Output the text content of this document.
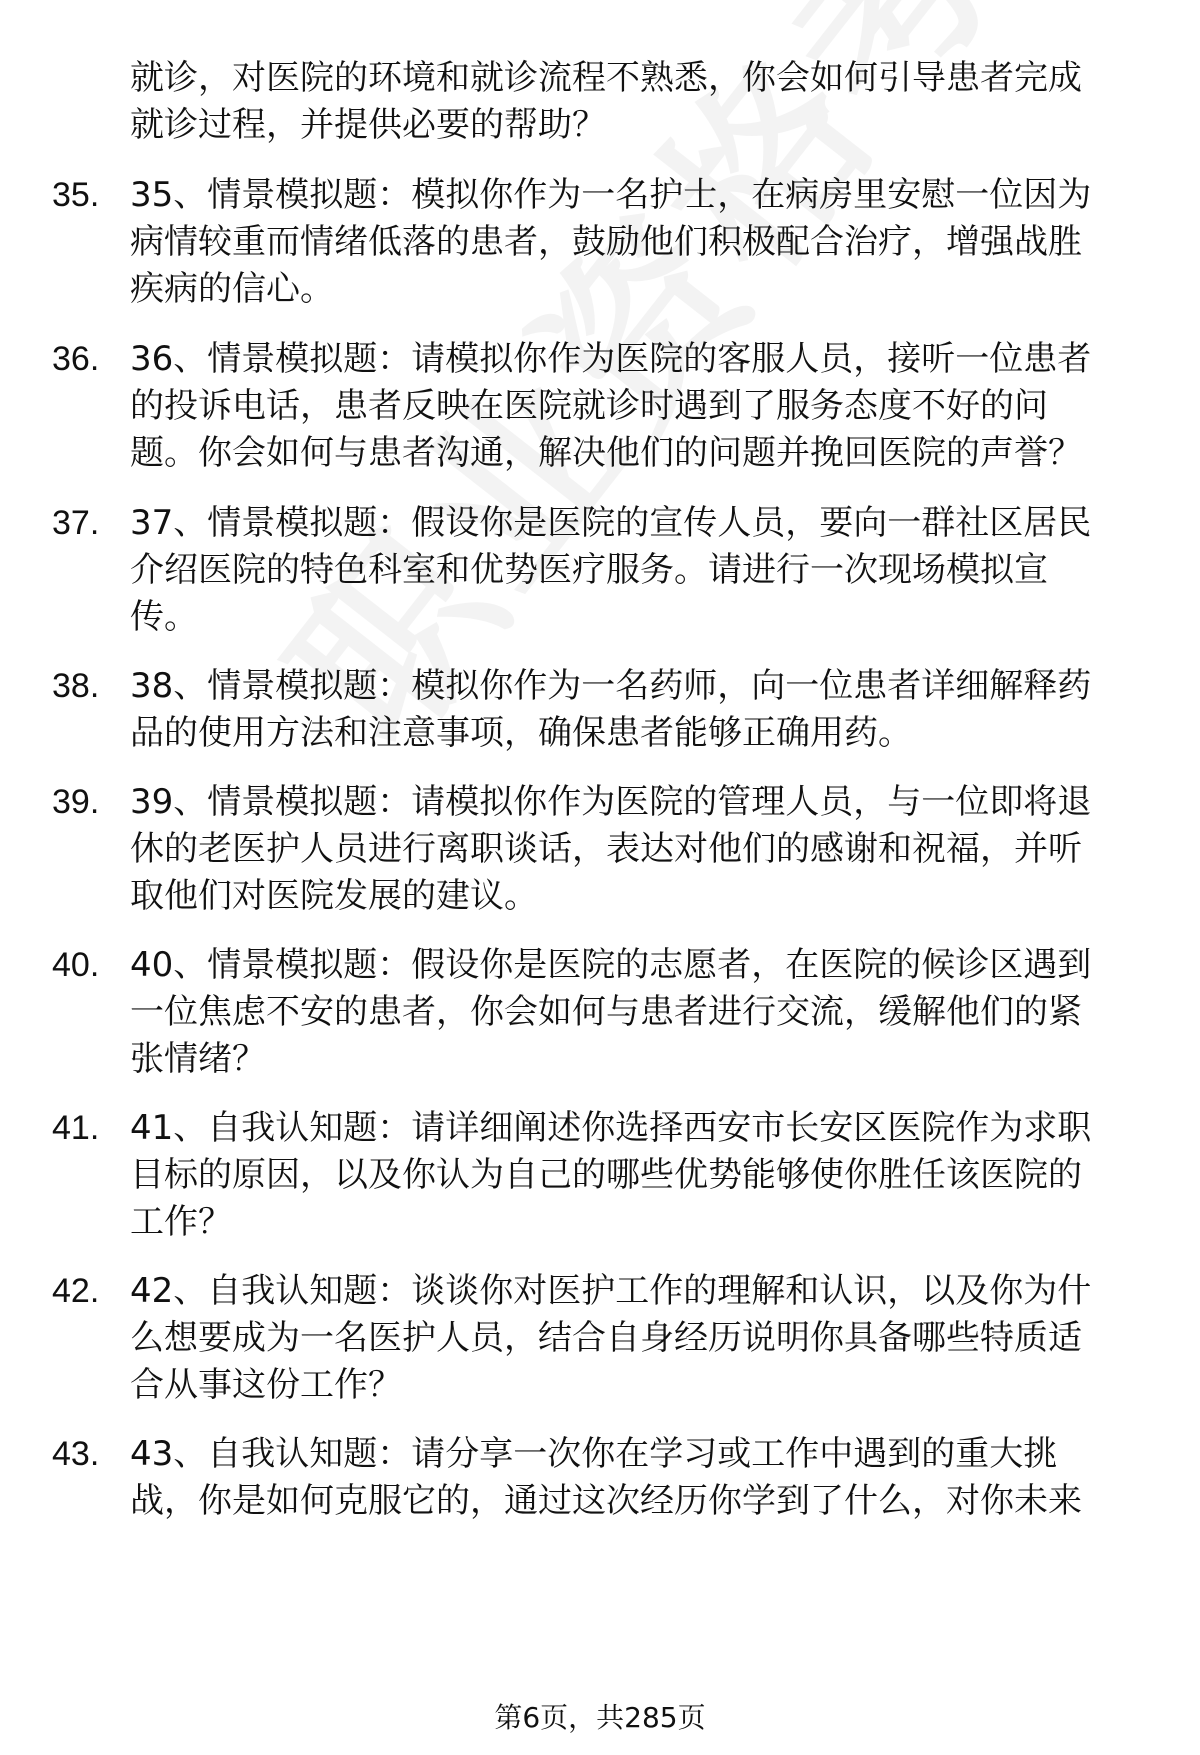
就诊，对医院的环境和就诊流程不熟悉，你会如何引导患者完成
就诊过程，并提供必要的帮助？
35. 35、情景模拟题：模拟你作为一名护士，在病房里安慰一位因为
病情较重而情绪低落的患者，鼓励他们积极配合治疗，增强战胜
疾病的信心。
36. 36、情景模拟题：请模拟你作为医院的客服人员，接听一位患者
的投诉电话，患者反映在医院就诊时遇到了服务态度不好的问
题。你会如何与患者沟通，解决他们的问题并挽回医院的声誉？
37. 37、情景模拟题：假设你是医院的宣传人员，要向一群社区居民
介绍医院的特色科室和优势医疗服务。请进行一次现场模拟宣
传。
38. 38、情景模拟题：模拟你作为一名药师，向一位患者详细解释药
品的使用方法和注意事项，确保患者能够正确用药。
39. 39、情景模拟题：请模拟你作为医院的管理人员，与一位即将退
休的老医护人员进行离职谈话，表达对他们的感谢和祝福，并听
取他们对医院发展的建议。
40. 40、情景模拟题：假设你是医院的志愿者，在医院的候诊区遇到
一位焦虑不安的患者，你会如何与患者进行交流，缓解他们的紧
张情绪？
41. 41、自我认知题：请详细阐述你选择西安市长安区医院作为求职
目标的原因，以及你认为自己的哪些优势能够使你胜任该医院的
工作？
42. 42、自我认知题：谈谈你对医护工作的理解和认识，以及你为什
么想要成为一名医护人员，结合自身经历说明你具备哪些特质适
合从事这份工作？
43. 43、自我认知题：请分享一次你在学习或工作中遇到的重大挑
战，你是如何克服它的，通过这次经历你学到了什么，对你未来
第6页，共285页
